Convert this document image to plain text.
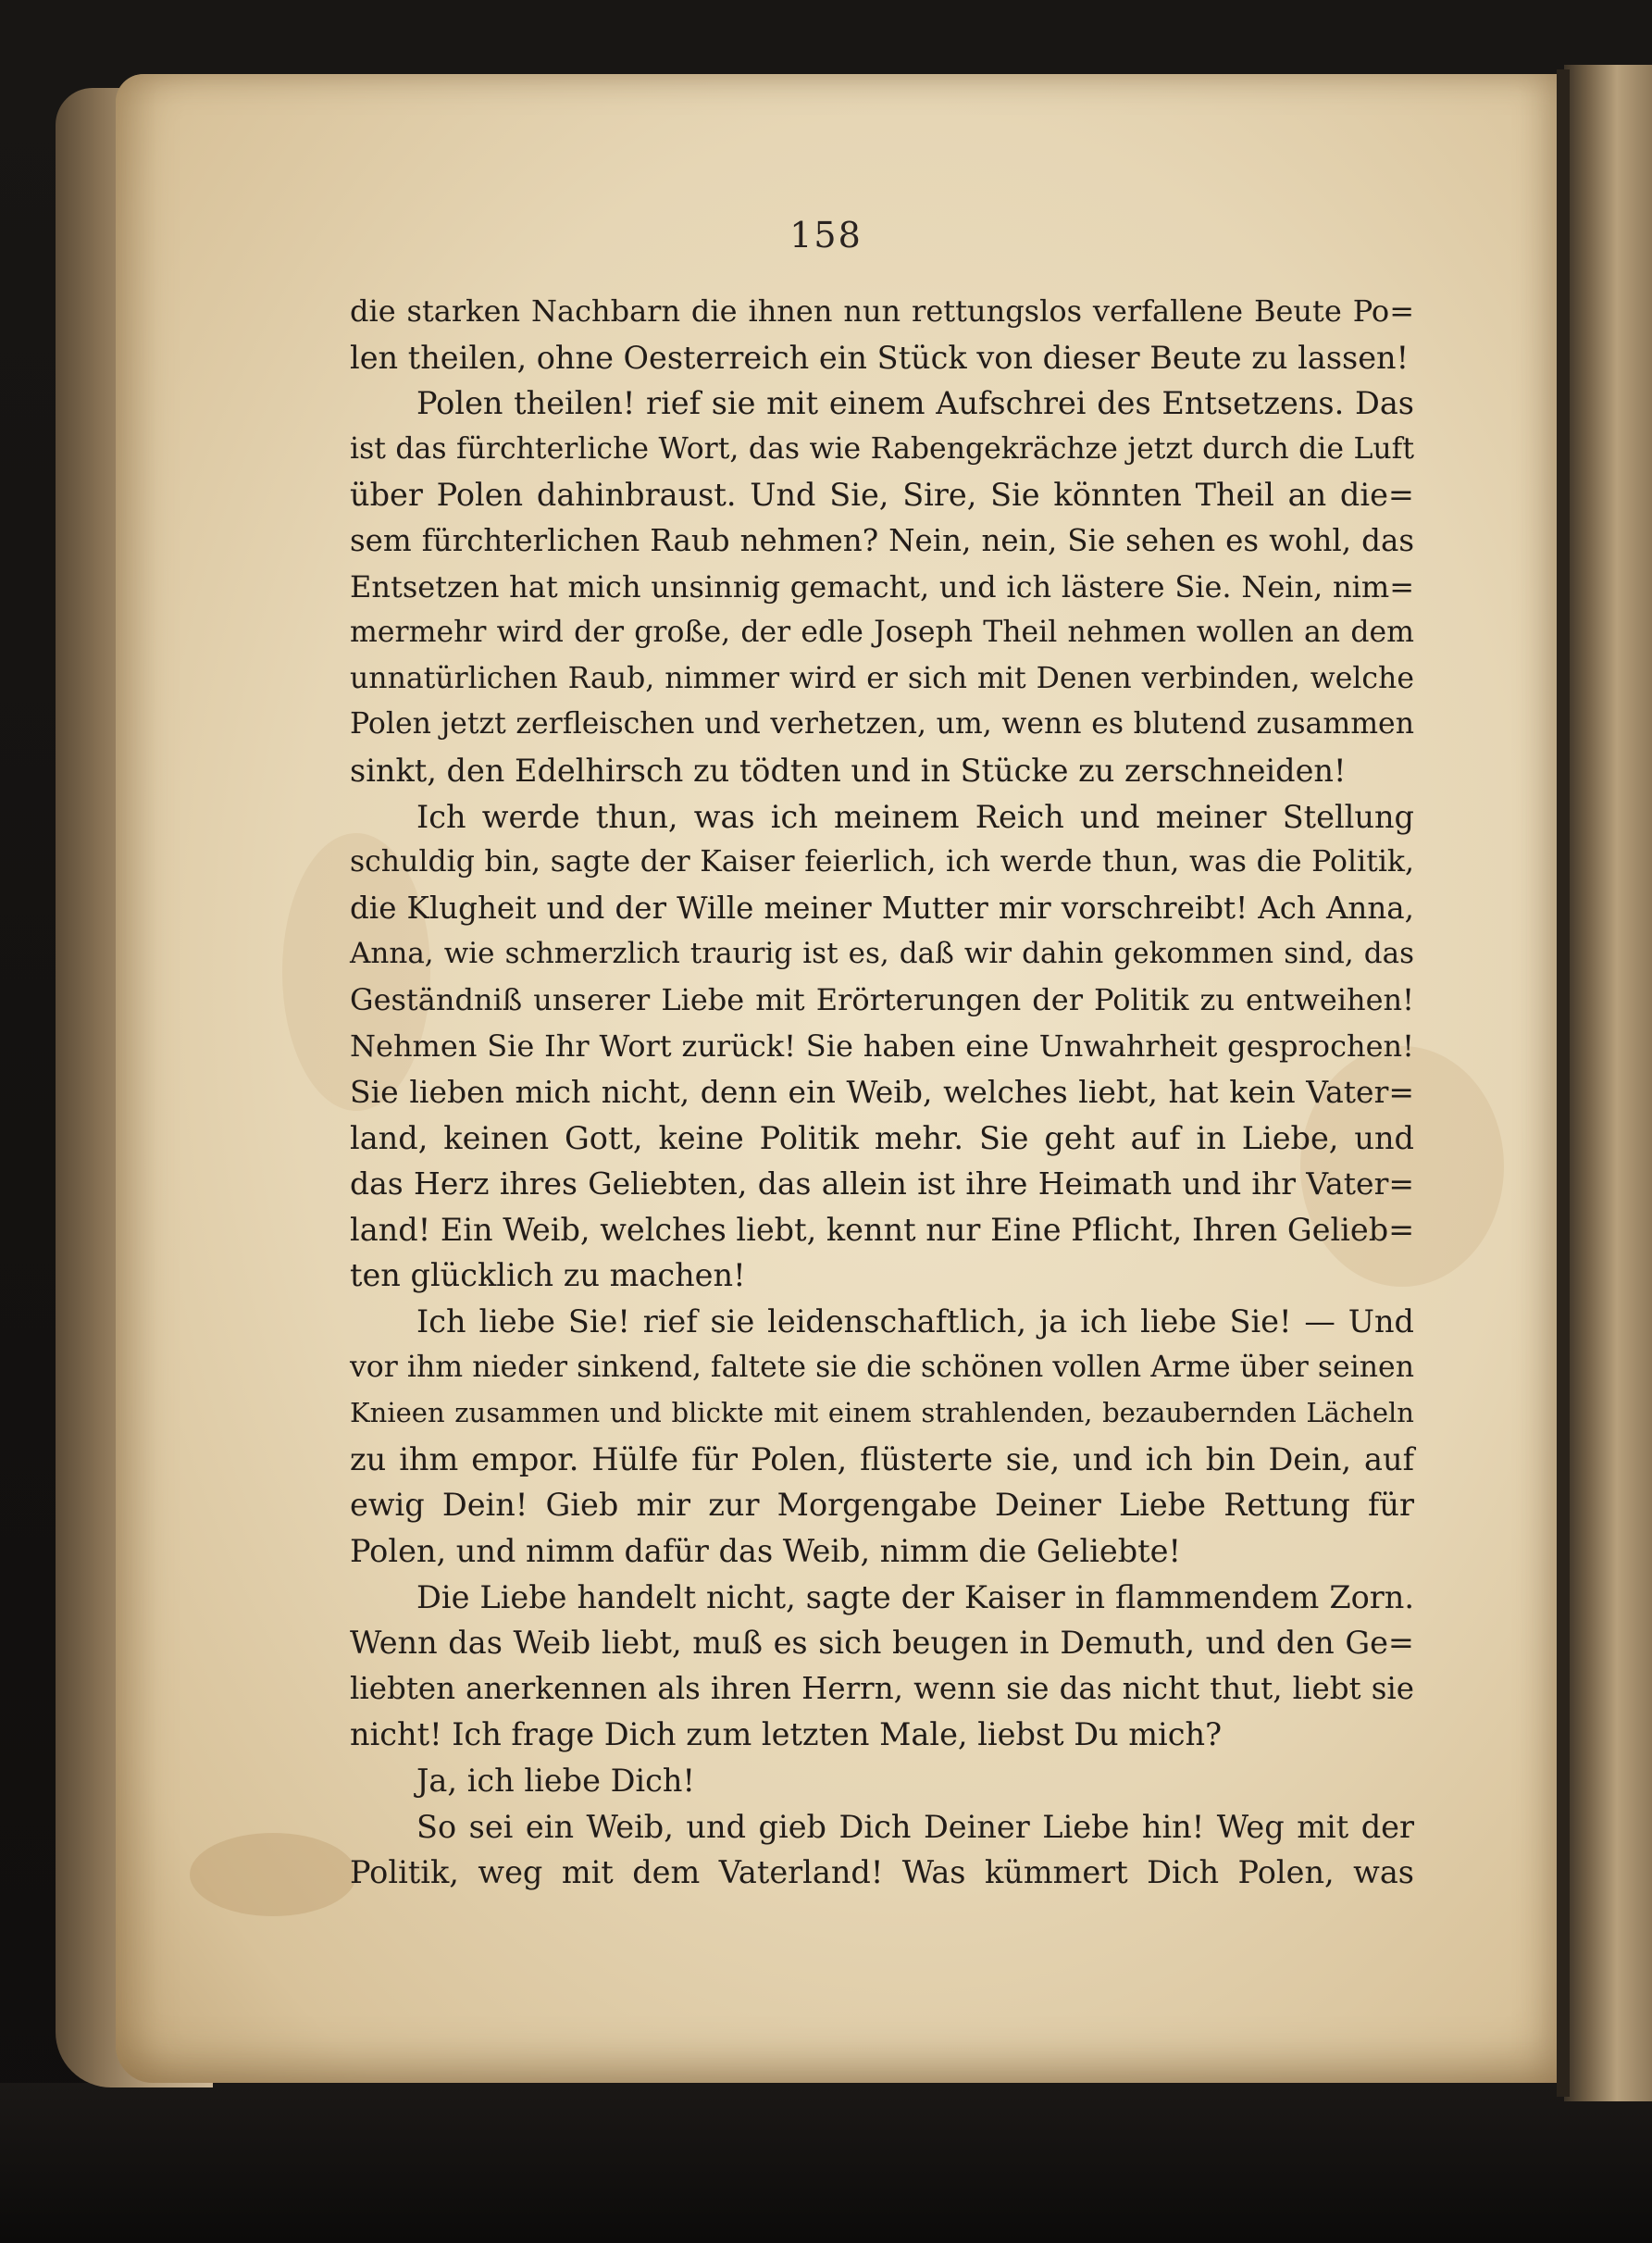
158
die starken Nachbarn die ihnen nun rettungslos verfallene Beute Po=
len theilen, ohne Oesterreich ein Stück von dieser Beute zu lassen!
Polen theilen! rief sie mit einem Aufschrei des Entsetzens. Das
ist das fürchterliche Wort, das wie Rabengekrächze jetzt durch die Luft
über Polen dahinbraust. Und Sie, Sire, Sie könnten Theil an die=
sem fürchterlichen Raub nehmen? Nein, nein, Sie sehen es wohl, das
Entsetzen hat mich unsinnig gemacht, und ich lästere Sie. Nein, nim=
mermehr wird der große, der edle Joseph Theil nehmen wollen an dem
unnatürlichen Raub, nimmer wird er sich mit Denen verbinden, welche
Polen jetzt zerfleischen und verhetzen, um, wenn es blutend zusammen
sinkt, den Edelhirsch zu tödten und in Stücke zu zerschneiden!
Ich werde thun, was ich meinem Reich und meiner Stellung
schuldig bin, sagte der Kaiser feierlich, ich werde thun, was die Politik,
die Klugheit und der Wille meiner Mutter mir vorschreibt! Ach Anna,
Anna, wie schmerzlich traurig ist es, daß wir dahin gekommen sind, das
Geständniß unserer Liebe mit Erörterungen der Politik zu entweihen!
Nehmen Sie Ihr Wort zurück! Sie haben eine Unwahrheit gesprochen!
Sie lieben mich nicht, denn ein Weib, welches liebt, hat kein Vater=
land, keinen Gott, keine Politik mehr. Sie geht auf in Liebe, und
das Herz ihres Geliebten, das allein ist ihre Heimath und ihr Vater=
land! Ein Weib, welches liebt, kennt nur Eine Pflicht, Ihren Gelieb=
ten glücklich zu machen!
Ich liebe Sie! rief sie leidenschaftlich, ja ich liebe Sie! — Und
vor ihm nieder sinkend, faltete sie die schönen vollen Arme über seinen
Knieen zusammen und blickte mit einem strahlenden, bezaubernden Lächeln
zu ihm empor. Hülfe für Polen, flüsterte sie, und ich bin Dein, auf
ewig Dein! Gieb mir zur Morgengabe Deiner Liebe Rettung für
Polen, und nimm dafür das Weib, nimm die Geliebte!
Die Liebe handelt nicht, sagte der Kaiser in flammendem Zorn.
Wenn das Weib liebt, muß es sich beugen in Demuth, und den Ge=
liebten anerkennen als ihren Herrn, wenn sie das nicht thut, liebt sie
nicht! Ich frage Dich zum letzten Male, liebst Du mich?
Ja, ich liebe Dich!
So sei ein Weib, und gieb Dich Deiner Liebe hin! Weg mit der
Politik, weg mit dem Vaterland! Was kümmert Dich Polen, was
